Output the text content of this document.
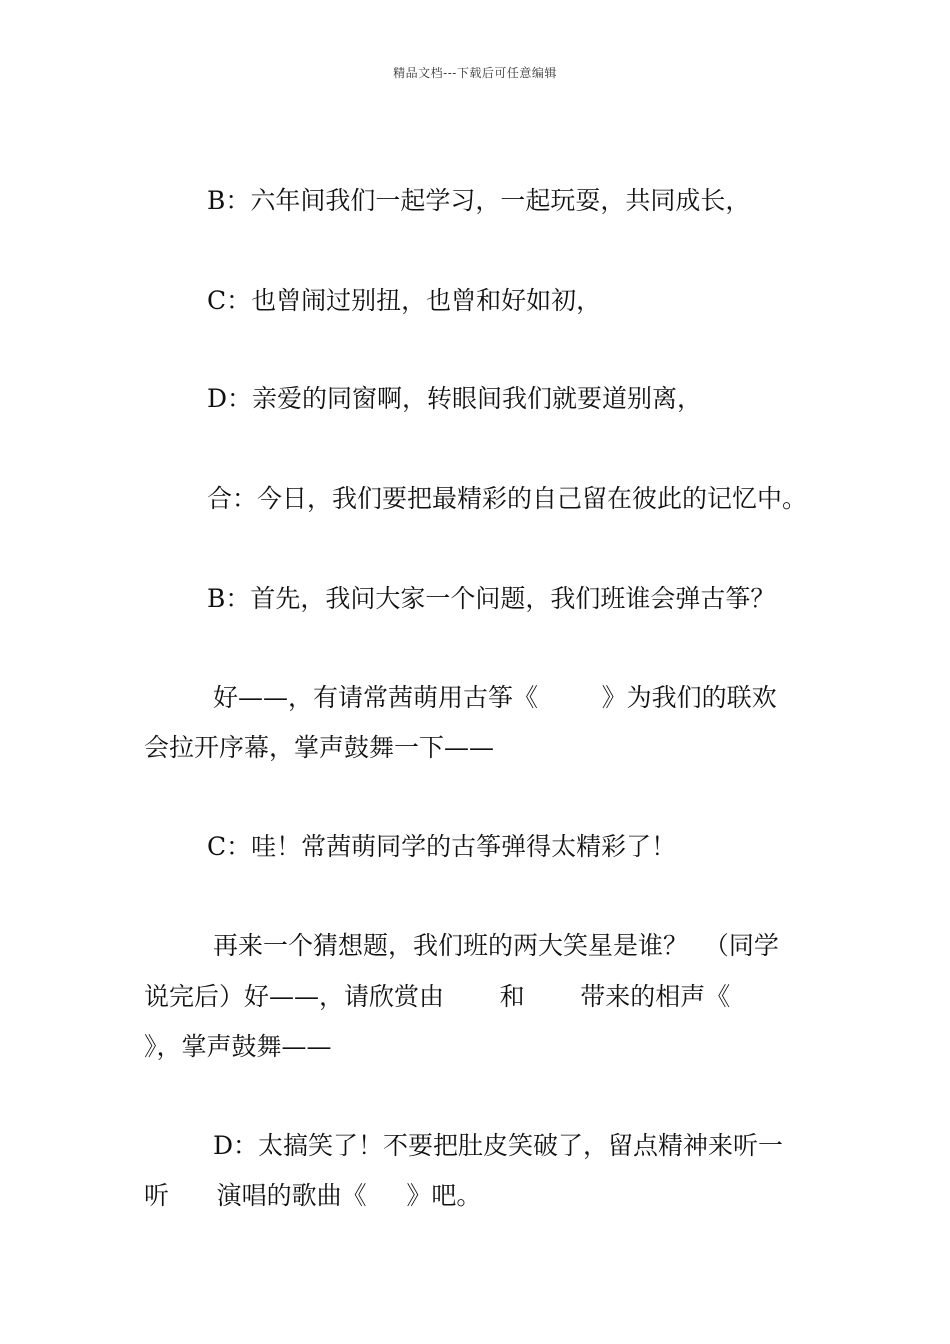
精品文档---下载后可任意编辑
B：六年间我们一起学习，一起玩耍，共同成长，
C：也曾闹过别扭，也曾和好如初，
D：亲爱的同窗啊，转眼间我们就要道别离，
合：今日，我们要把最精彩的自己留在彼此的记忆中。
B：首先，我问大家一个问题，我们班谁会弹古筝？
好——，有请常茜萌用古筝《        》为我们的联欢
会拉开序幕，掌声鼓舞一下——
C：哇！常茜萌同学的古筝弹得太精彩了！
再来一个猜想题，我们班的两大笑星是谁？  （同学
说完后）好——，请欣赏由       和       带来的相声《
》，掌声鼓舞——
D：太搞笑了！不要把肚皮笑破了，留点精神来听一
听      演唱的歌曲《     》吧。
